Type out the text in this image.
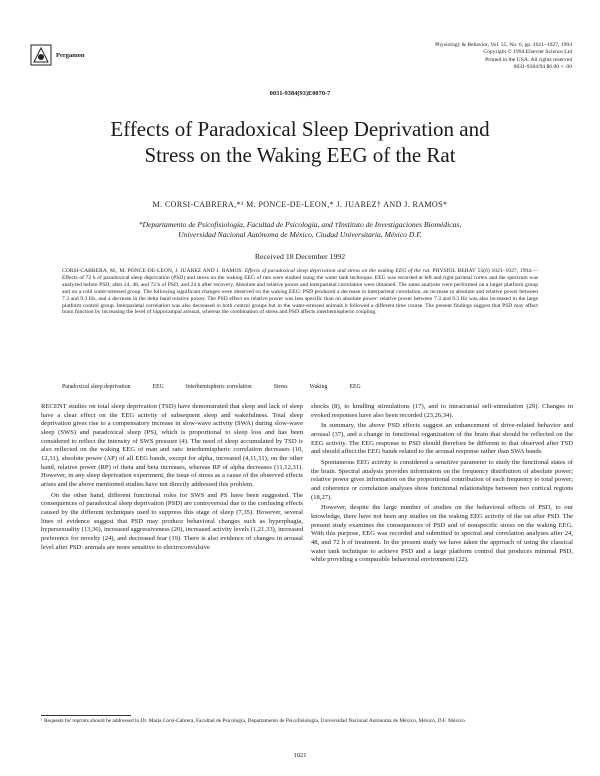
Pergamon
Physiology & Behavior, Vol. 55, No. 6, pp. 1021–1027, 1994
Copyright © 1994 Elsevier Science Ltd
Printed in the USA. All rights reserved
0031-9384/94 $6.00 + .00
0031-9384(93)E0070-7
Effects of Paradoxical Sleep Deprivation and
Stress on the Waking EEG of the Rat
M. CORSI-CABRERA,*¹ M. PONCE-DE-LEON,* J. JUAREZ† AND J. RAMOS*
*Departamento de Psicofisiología, Facultad de Psicología, and †Instituto de Investigaciones Biomédicas,
Universidad Nacional Autónoma de México, Ciudad Universitaria, México D.F.
Received 18 December 1992
CORSI-CABRERA, M., M. PONCE-DE-LEON, J. JUAREZ AND J. RAMOS. Effects of paradoxical sleep deprivation and stress on the waking EEG of the rat. PHYSIOL BEHAV 55(6) 1021–1027, 1994.—Effects of 72 h of paradoxical sleep deprivation (PSD) and stress on the waking EEG of rats were studied using the water tank technique. EEG was recorded at left and right parietal cortex and the spectrum was analyzed before PSD, after 24, 48, and 72 h of PSD, and 24 h after recovery. Absolute and relative power and interparietal correlation were obtained. The same analyses were performed on a larger platform group and on a cold water-stressed group. The following significant changes were observed on the waking EEG: PSD produced a decrease in interparietal correlation, an increase in absolute and relative power between 7.3 and 9.3 Hz, and a decrease in the delta band relative power. The PSD effect on relative power was less specific than on absolute power: relative power between 7.3 and 9.3 Hz was also increased in the large platform control group. Interparietal correlation was also decreased in both control groups but in the water-stressed animals it followed a different time course. The present findings suggest that PSD may affect brain function by increasing the level of hippocampal arousal, whereas the combination of stress and PSD affects interhemispheric coupling.
Paradoxical sleep deprivation	EEG	Interhemispheric correlation	Stress	Waking	EEG

RECENT studies on total sleep deprivation (TSD) have demonstrated that sleep and lack of sleep have a clear effect on the EEG activity of subsequent sleep and wakefulness. Total sleep deprivation gives rise to a compensatory increase in slow-wave activity (SWA) during slow-wave sleep (SWS) and paradoxical sleep (PS), which is proportional to sleep loss and has been considered to reflect the intensity of SWS pressure (4). The need of sleep accumulated by TSD is also reflected on the waking EEG of man and rats: interhemispheric correlation decreases (10, 12,31), absolute power (AP) of all EEG bands, except for alpha, increased (4,11,31); on the other hand, relative power (RP) of theta and beta increases, whereas RP of alpha decreases (11,12,31). However, in any sleep deprivation experiment, the issue of stress as a cause of the observed effects arises and the above mentioned studies have not directly addressed this problem.

On the other hand, different functional roles for SWS and PS have been suggested. The consequences of paradoxical sleep deprivation (PSD) are controversial due to the confusing effects caused by the different techniques used to suppress this stage of sleep (7,35). However, several lines of evidence suggest that PSD may produce behavioral changes such as hyperphagia, hypersexuality (13,36), increased aggressiveness (20), increased activity levels (1,21,33), increased preference for novelty (24), and decreased fear (19). There is also evidence of changes in arousal level after PSD: animals are more sensitive to electroconvulsive

shocks (8), to kindling stimulations (17), and to intracranial self-stimulation (29). Changes in evoked responses have also been recorded (23,26,34).

In summary, the above PSD effects suggest an enhancement of drive-related behavior and arousal (37), and a change in functional organization of the brain that should be reflected on the EEG activity. The EEG response to PSD should therefore be different to that observed after TSD and should affect the EEG bands related to the arousal response rather than SWA bands.

Spontaneous EEG activity is considered a sensitive parameter to study the functional states of the brain. Spectral analysis provides information on the frequency distribution of absolute power; relative power gives information on the proportional contribution of each frequency to total power; and coherence or correlation analyses show functional relationships between two cortical regions (18,27).

However, despite the large number of studies on the behavioral effects of PSD, to our knowledge, there have not been any studies on the waking EEG activity of the rat after PSD. The present study examines the consequences of PSD and of nonspecific stress on the waking EEG. With this purpose, EEG was recorded and submitted to spectral and correlation analyses after 24, 48, and 72 h of treatment. In the present study we have taken the approach of using the classical water tank technique to achieve PSD and a large platform control that produces minimal PSD, while providing a comparable behavioral environment (22).

¹ Requests for reprints should be addressed to Dr. María Corsi-Cabrera, Facultad de Psicología, Departamento de Psicofisiología, Universidad Nacional Autónoma de México, México, D.F. México.
1021
